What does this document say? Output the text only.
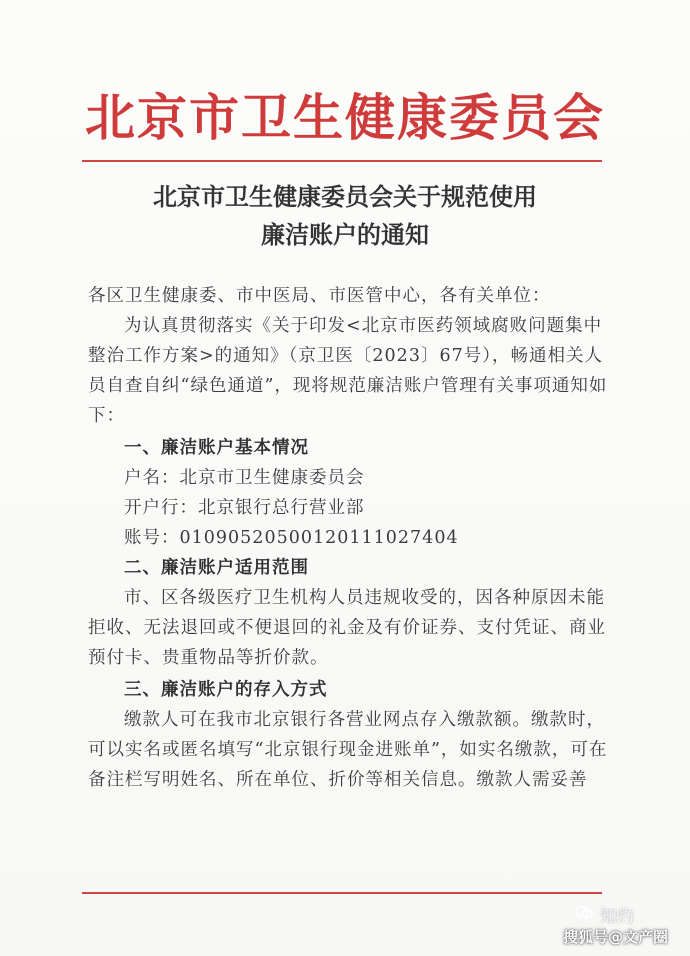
北京市卫生健康委员会
北京市卫生健康委员会关于规范使用
廉洁账户的通知

各区卫生健康委、市中医局、市医管中心，各有关单位：

为认真贯彻落实《关于印发<北京市医药领域腐败问题集中整治工作方案>的通知》（京卫医〔2023〕67号），畅通相关人员自查自纠“绿色通道”，现将规范廉洁账户管理有关事项通知如下：

一、廉洁账户基本情况

户名：北京市卫生健康委员会

开户行：北京银行总行营业部

账号：01090520500120111027404

二、廉洁账户适用范围

市、区各级医疗卫生机构人员违规收受的，因各种原因未能拒收、无法退回或不便退回的礼金及有价证券、支付凭证、商业预付卡、贵重物品等折价款。

三、廉洁账户的存入方式

缴款人可在我市北京银行各营业网点存入缴款额。缴款时，可以实名或匿名填写“北京银行现金进账单”，如实名缴款，可在备注栏写明姓名、所在单位、折价等相关信息。缴款人需妥善

知灼
搜狐号@文产圈
